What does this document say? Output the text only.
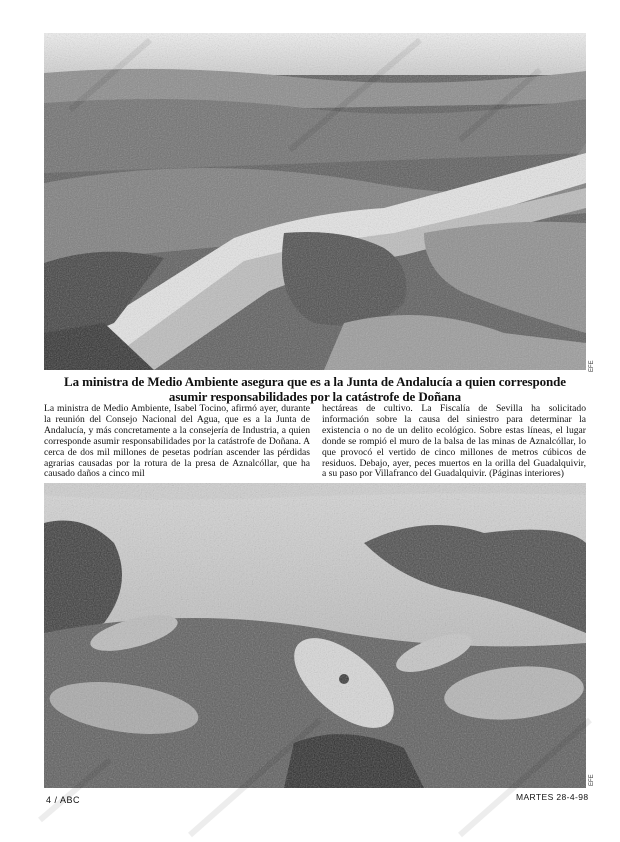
EFE
La ministra de Medio Ambiente asegura que es a la Junta de Andalucía a quien corresponde asumir responsabilidades por la catástrofe de Doñana
La ministra de Medio Ambiente, Isabel Tocino, afirmó ayer, durante la reunión del Consejo Nacional del Agua, que es a la Junta de Andalucía, y más concretamente a la consejería de Industria, a quien corresponde asumir responsabilidades por la catástrofe de Doñana. A cerca de dos mil millones de pesetas podrían ascender las pérdidas agrarias causadas por la rotura de la presa de Aznalcóllar, que ha causado daños a cinco mil
hectáreas de cultivo. La Fiscalía de Sevilla ha solicitado información sobre la causa del siniestro para determinar la existencia o no de un delito ecológico. Sobre estas líneas, el lugar donde se rompió el muro de la balsa de las minas de Aznalcóllar, lo que provocó el vertido de cinco millones de metros cúbicos de residuos. Debajo, ayer, peces muertos en la orilla del Guadalquivir, a su paso por Villafranco del Guadalquivir. (Páginas interiores)
EFE
4 / ABC	MARTES 28-4-98
